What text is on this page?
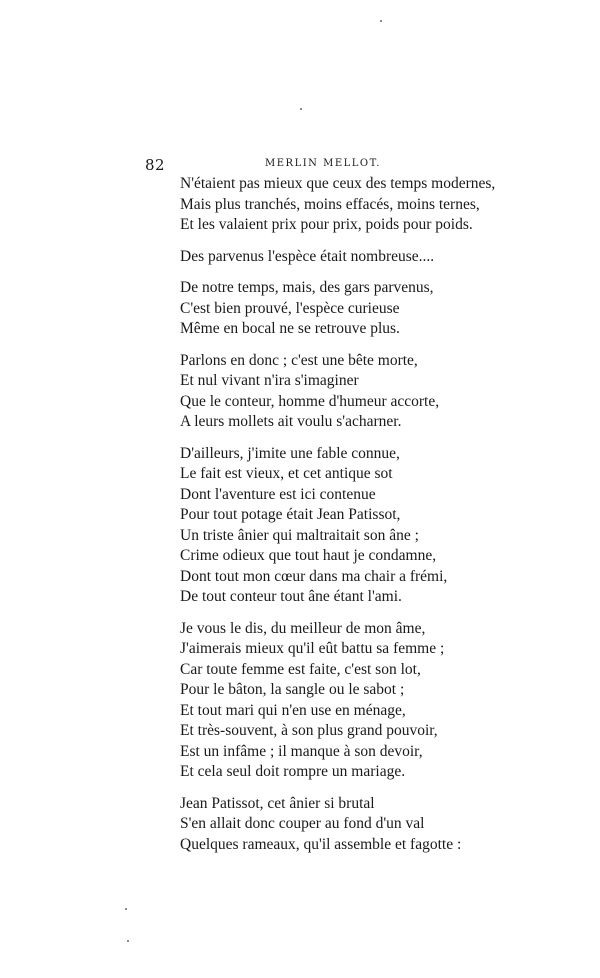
82	MERLIN MELLOT.
N'étaient pas mieux que ceux des temps modernes,
Mais plus tranchés, moins effacés, moins ternes,
Et les valaient prix pour prix, poids pour poids.
Des parvenus l'espèce était nombreuse....
De notre temps, mais, des gars parvenus,
C'est bien prouvé, l'espèce curieuse
Même en bocal ne se retrouve plus.
Parlons en donc ; c'est une bête morte,
Et nul vivant n'ira s'imaginer
Que le conteur, homme d'humeur accorte,
A leurs mollets ait voulu s'acharner.
D'ailleurs, j'imite une fable connue,
Le fait est vieux, et cet antique sot
Dont l'aventure est ici contenue
Pour tout potage était Jean Patissot,
Un triste ânier qui maltraitait son âne ;
Crime odieux que tout haut je condamne,
Dont tout mon cœur dans ma chair a frémi,
De tout conteur tout âne étant l'ami.
Je vous le dis, du meilleur de mon âme,
J'aimerais mieux qu'il eût battu sa femme ;
Car toute femme est faite, c'est son lot,
Pour le bâton, la sangle ou le sabot ;
Et tout mari qui n'en use en ménage,
Et très-souvent, à son plus grand pouvoir,
Est un infâme ; il manque à son devoir,
Et cela seul doit rompre un mariage.
Jean Patissot, cet ânier si brutal
S'en allait donc couper au fond d'un val
Quelques rameaux, qu'il assemble et fagotte :
